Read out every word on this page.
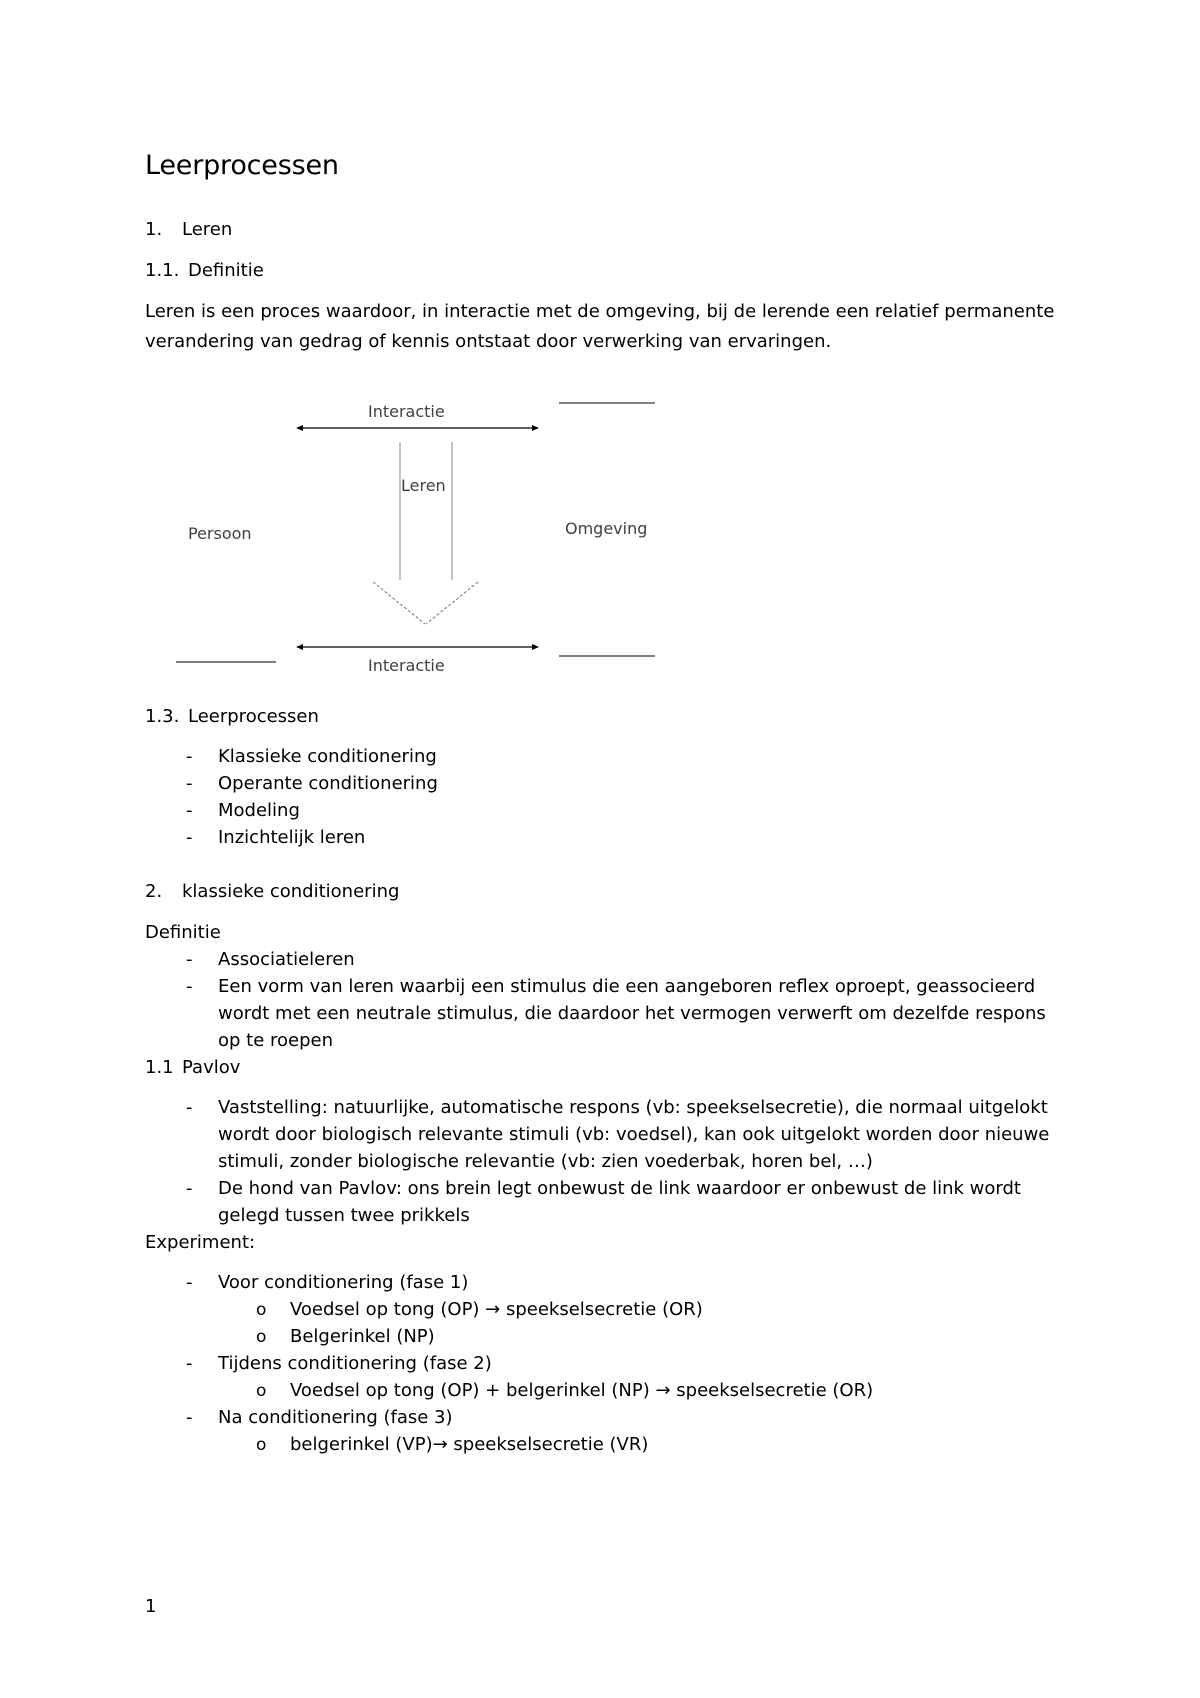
Leerprocessen
1. Leren
1.1. Definitie
Leren is een proces waardoor, in interactie met de omgeving, bij de lerende een relatief permanente
verandering van gedrag of kennis ontstaat door verwerking van ervaringen.
Interactie
Leren
Persoon	Omgeving
Interactie
1.3. Leerprocessen
- Klassieke conditionering
- Operante conditionering
- Modeling
- Inzichtelijk leren
2. klassieke conditionering
Definitie
- Associatieleren
- Een vorm van leren waarbij een stimulus die een aangeboren reflex oproept, geassocieerd
wordt met een neutrale stimulus, die daardoor het vermogen verwerft om dezelfde respons
op te roepen
1.1 Pavlov
- Vaststelling: natuurlijke, automatische respons (vb: speekselsecretie), die normaal uitgelokt
wordt door biologisch relevante stimuli (vb: voedsel), kan ook uitgelokt worden door nieuwe
stimuli, zonder biologische relevantie (vb: zien voederbak, horen bel, …)
- De hond van Pavlov: ons brein legt onbewust de link waardoor er onbewust de link wordt
gelegd tussen twee prikkels
Experiment:
- Voor conditionering (fase 1)
o Voedsel op tong (OP) → speekselsecretie (OR)
o Belgerinkel (NP)
- Tijdens conditionering (fase 2)
o Voedsel op tong (OP) + belgerinkel (NP) → speekselsecretie (OR)
- Na conditionering (fase 3)
o belgerinkel (VP)→ speekselsecretie (VR)
1
